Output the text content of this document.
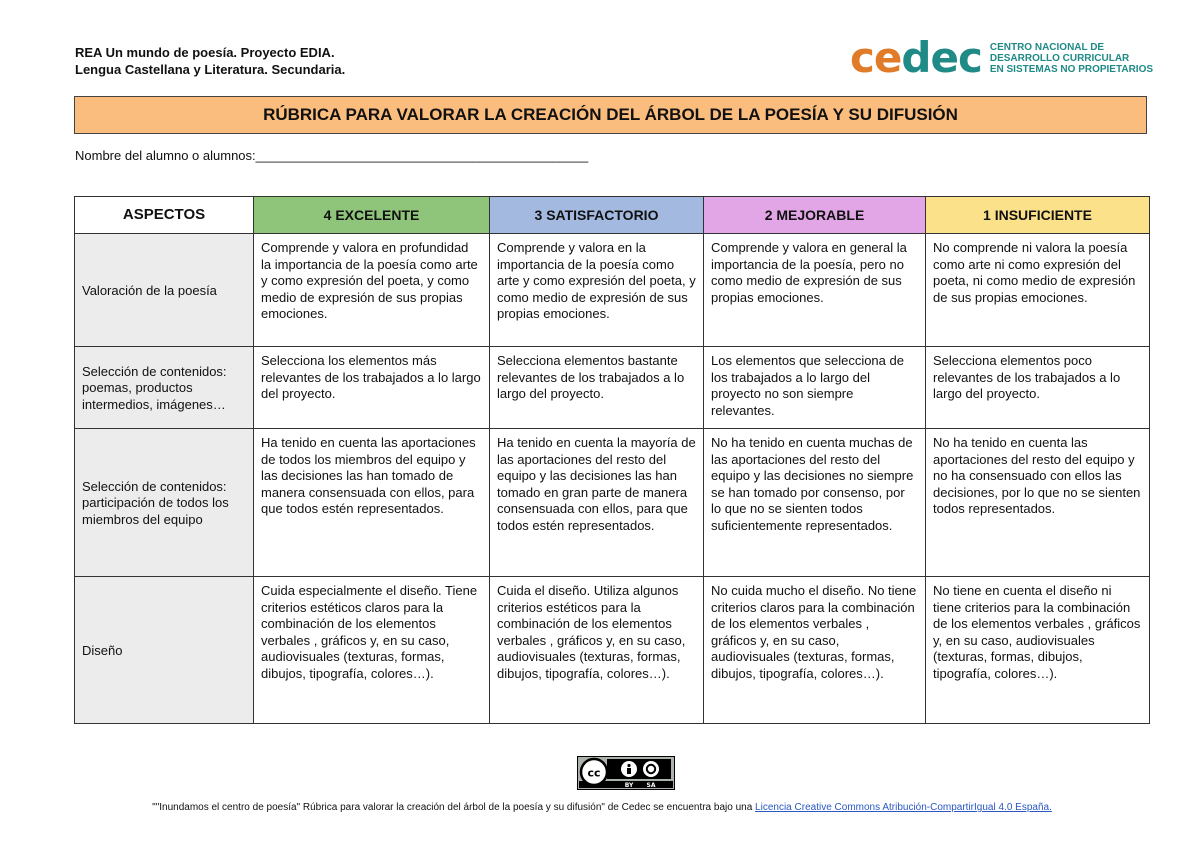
REA Un mundo de poesía. Proyecto EDIA.
Lengua Castellana y Literatura. Secundaria.	cedec CENTRO NACIONAL DE
DESARROLLO CURRICULAR
EN SISTEMAS NO PROPIETARIOS
RÚBRICA PARA VALORAR LA CREACIÓN DEL ÁRBOL DE LA POESÍA Y SU DIFUSIÓN
Nombre del alumno o alumnos:______________________________________________
ASPECTOS	4 EXCELENTE	3 SATISFACTORIO	2 MEJORABLE	1 INSUFICIENTE
Valoración de la poesía	Comprende y valora en profundidad la importancia de la poesía como arte y como expresión del poeta, y como medio de expresión de sus propias emociones.	Comprende y valora en la importancia de la poesía como arte y como expresión del poeta, y como medio de expresión de sus propias emociones.	Comprende y valora en general la importancia de la poesía, pero no como medio de expresión de sus propias emociones.	No comprende ni valora la poesía como arte ni como expresión del poeta, ni como medio de expresión de sus propias emociones.
Selección de contenidos: poemas, productos intermedios, imágenes…	Selecciona los elementos más relevantes de los trabajados a lo largo del proyecto.	Selecciona elementos bastante relevantes de los trabajados a lo largo del proyecto.	Los elementos que selecciona de los trabajados a lo largo del proyecto no son siempre relevantes.	Selecciona elementos poco relevantes de los trabajados a lo largo del proyecto.
Selección de contenidos: participación de todos los miembros del equipo	Ha tenido en cuenta las aportaciones de todos los miembros del equipo y las decisiones las han tomado de manera consensuada con ellos, para que todos estén representados.	Ha tenido en cuenta la mayoría de las aportaciones del resto del equipo y las decisiones las han tomado en gran parte de manera consensuada con ellos, para que todos estén representados.	No ha tenido en cuenta muchas de las aportaciones del resto del equipo y las decisiones no siempre se han tomado por consenso, por lo que no se sienten todos suficientemente representados.	No ha tenido en cuenta las aportaciones del resto del equipo y no ha consensuado con ellos las decisiones, por lo que no se sienten todos representados.
Diseño	Cuida especialmente el diseño. Tiene criterios estéticos claros para la combinación de los elementos verbales , gráficos y, en su caso, audiovisuales (texturas, formas, dibujos, tipografía, colores…).	Cuida el diseño. Utiliza algunos criterios estéticos para la combinación de los elementos verbales , gráficos y, en su caso, audiovisuales (texturas, formas, dibujos, tipografía, colores…).	No cuida mucho el diseño. No tiene criterios claros para la combinación de los elementos verbales , gráficos y, en su caso, audiovisuales (texturas, formas, dibujos, tipografía, colores…).	No tiene en cuenta el diseño ni tiene criterios para la combinación de los elementos verbales , gráficos y, en su caso, audiovisuales (texturas, formas, dibujos, tipografía, colores…).
cc
BY SA
""Inundamos el centro de poesía" Rúbrica para valorar la creación del árbol de la poesía y su difusión" de Cedec se encuentra bajo una Licencia Creative Commons Atribución-CompartirIgual 4.0 España.
